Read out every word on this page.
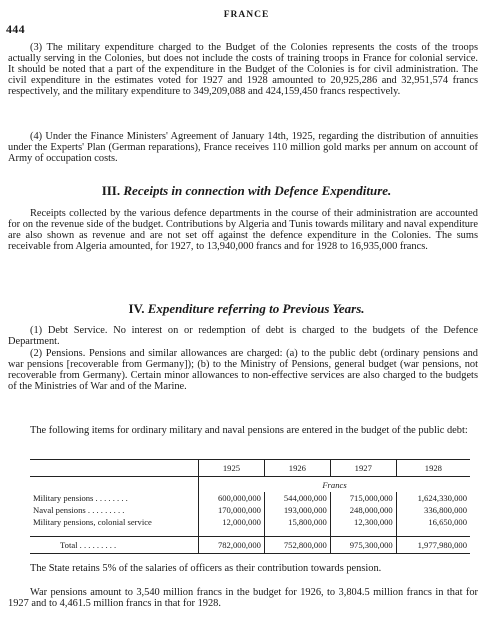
444
FRANCE

(3) The military expenditure charged to the Budget of the Colonies represents the costs of the troops actually serving in the Colonies, but does not include the costs of training troops in France for colonial service. It should be noted that a part of the expenditure in the Budget of the Colonies is for civil administration. The civil expenditure in the estimates voted for 1927 and 1928 amounted to 20,925,286 and 32,951,574 francs respectively, and the military expenditure to 349,209,088 and 424,159,450 francs respectively.

(4) Under the Finance Ministers' Agreement of January 14th, 1925, regarding the distribution of annuities under the Experts' Plan (German reparations), France receives 110 million gold marks per annum on account of Army of occupation costs.

III. Receipts in connection with Defence Expenditure.

Receipts collected by the various defence departments in the course of their administration are accounted for on the revenue side of the budget. Contributions by Algeria and Tunis towards military and naval expenditure are also shown as revenue and are not set off against the defence expenditure in the Colonies. The sums receivable from Algeria amounted, for 1927, to 13,940,000 francs and for 1928 to 16,935,000 francs.

IV. Expenditure referring to Previous Years.

(1) Debt Service. No interest on or redemption of debt is charged to the budgets of the Defence Department.

(2) Pensions. Pensions and similar allowances are charged: (a) to the public debt (ordinary pensions and war pensions [recoverable from Germany]); (b) to the Ministry of Pensions, general budget (war pensions, not recoverable from Germany). Certain minor allowances to non-effective services are also charged to the budgets of the Ministries of War and of the Marine.

The following items for ordinary military and naval pensions are entered in the budget of the public debt:

	1925	1926	1927	1928
	Francs			
Military pensions . . . . . . . .	600,000,000	544,000,000	715,000,000	1,624,330,000
Naval pensions . . . . . . . . .	170,000,000	193,000,000	248,000,000	336,800,000
Military pensions, colonial service	12,000,000	15,800,000	12,300,000	16,650,000

Total . . . . . . . . .	782,000,000	752,800,000	975,300,000	1,977,980,000

The State retains 5% of the salaries of officers as their contribution towards pension.

War pensions amount to 3,540 million francs in the budget for 1926, to 3,804.5 million francs in that for 1927 and to 4,461.5 million francs in that for 1928.
